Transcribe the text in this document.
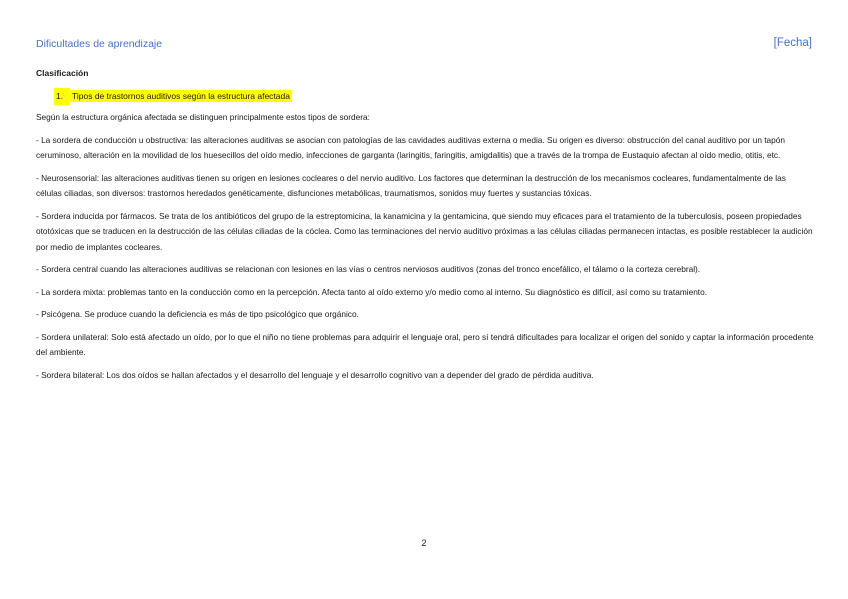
Dificultades de aprendizaje	[Fecha]
Clasificación
1. Tipos de trastornos auditivos según la estructura afectada

Según la estructura orgánica afectada se distinguen principalmente estos tipos de sordera:

- La sordera de conducción u obstructiva: las alteraciones auditivas se asocian con patologías de las cavidades auditivas externa o media. Su origen es diverso: obstrucción del canal auditivo por un tapón ceruminoso, alteración en la movilidad de los huesecillos del oído medio, infecciones de garganta (laringitis, faringitis, amigdalitis) que a través de la trompa de Eustaquio afectan al oído medio, otitis, etc.

- Neurosensorial: las alteraciones auditivas tienen su origen en lesiones cocleares o del nervio auditivo. Los factores que determinan la destrucción de los mecanismos cocleares, fundamentalmente de las células ciliadas, son diversos: trastornos heredados genéticamente, disfunciones metabólicas, traumatismos, sonidos muy fuertes y sustancias tóxicas.

- Sordera inducida por fármacos. Se trata de los antibióticos del grupo de la estreptomicina, la kanamicina y la gentamicina, que siendo muy eficaces para el tratamiento de la tuberculosis, poseen propiedades ototóxicas que se traducen en la destrucción de las células ciliadas de la cóclea. Como las terminaciones del nervio auditivo próximas a las células ciliadas permanecen intactas, es posible restablecer la audición por medio de implantes cocleares.

- Sordera central cuando las alteraciones auditivas se relacionan con lesiones en las vías o centros nerviosos auditivos (zonas del tronco encefálico, el tálamo o la corteza cerebral).

- La sordera mixta: problemas tanto en la conducción como en la percepción. Afecta tanto al oído externo y/o medio como al interno. Su diagnóstico es difícil, así como su tratamiento.

- Psicógena. Se produce cuando la deficiencia es más de tipo psicológico que orgánico.

- Sordera unilateral: Solo está afectado un oído, por lo que el niño no tiene problemas para adquirir el lenguaje oral, pero sí tendrá dificultades para localizar el origen del sonido y captar la información procedente del ambiente.

- Sordera bilateral: Los dos oídos se hallan afectados y el desarrollo del lenguaje y el desarrollo cognitivo van a depender del grado de pérdida auditiva.

2
